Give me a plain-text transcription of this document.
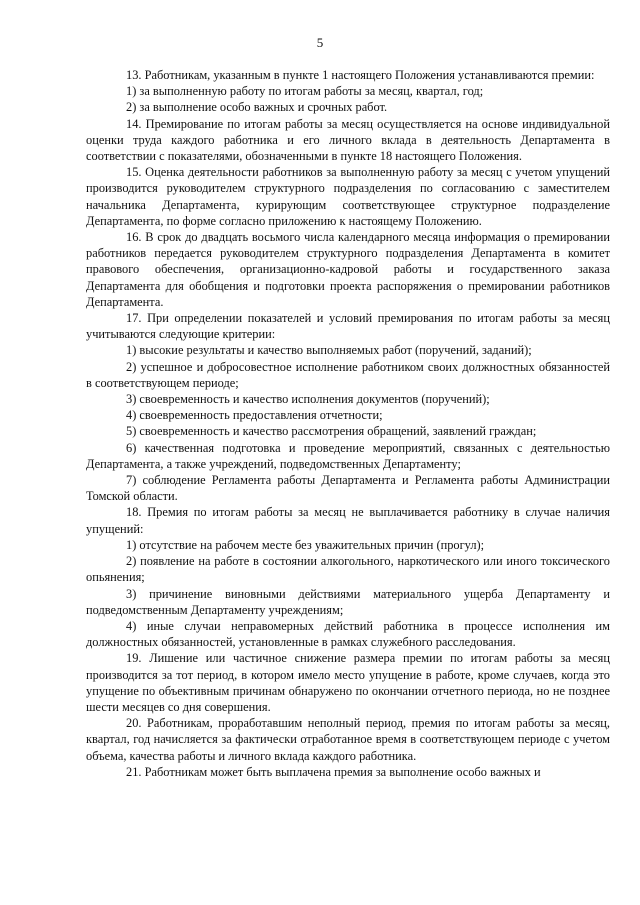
5

13. Работникам, указанным в пункте 1 настоящего Положения устанавливаются премии:

1) за выполненную работу по итогам работы за месяц, квартал, год;

2) за выполнение особо важных и срочных работ.

14. Премирование по итогам работы за месяц осуществляется на основе индивидуальной оценки труда каждого работника и его личного вклада в деятельность Департамента в соответствии с показателями, обозначенными в пункте 18 настоящего Положения.

15. Оценка деятельности работников за выполненную работу за месяц с учетом упущений производится руководителем структурного подразделения по согласованию с заместителем начальника Департамента, курирующим соответствующее структурное подразделение Департамента, по форме согласно приложению к настоящему Положению.

16. В срок до двадцать восьмого числа календарного месяца информация о премировании работников передается руководителем структурного подразделения Департамента в комитет правового обеспечения, организационно-кадровой работы и государственного заказа Департамента для обобщения и подготовки проекта распоряжения о премировании работников Департамента.

17. При определении показателей и условий премирования по итогам работы за месяц учитываются следующие критерии:

1) высокие результаты и качество выполняемых работ (поручений, заданий);

2) успешное и добросовестное исполнение работником своих должностных обязанностей в соответствующем периоде;

3) своевременность и качество исполнения документов (поручений);

4) своевременность предоставления отчетности;

5) своевременность и качество рассмотрения обращений, заявлений граждан;

6) качественная подготовка и проведение мероприятий, связанных с деятельностью Департамента, а также учреждений, подведомственных Департаменту;

7) соблюдение Регламента работы Департамента и Регламента работы Администрации Томской области.

18. Премия по итогам работы за месяц не выплачивается работнику в случае наличия упущений:

1) отсутствие на рабочем месте без уважительных причин (прогул);

2) появление на работе в состоянии алкогольного, наркотического или иного токсического опьянения;

3) причинение виновными действиями материального ущерба Департаменту и подведомственным Департаменту учреждениям;

4) иные случаи неправомерных действий работника в процессе исполнения им должностных обязанностей, установленные в рамках служебного расследования.

19. Лишение или частичное снижение размера премии по итогам работы за месяц производится за тот период, в котором имело место упущение в работе, кроме случаев, когда это упущение по объективным причинам обнаружено по окончании отчетного периода, но не позднее шести месяцев со дня совершения.

20. Работникам, проработавшим неполный период, премия по итогам работы за месяц, квартал, год начисляется за фактически отработанное время в соответствующем периоде с учетом объема, качества работы и личного вклада каждого работника.

21. Работникам может быть выплачена премия за выполнение особо важных и
